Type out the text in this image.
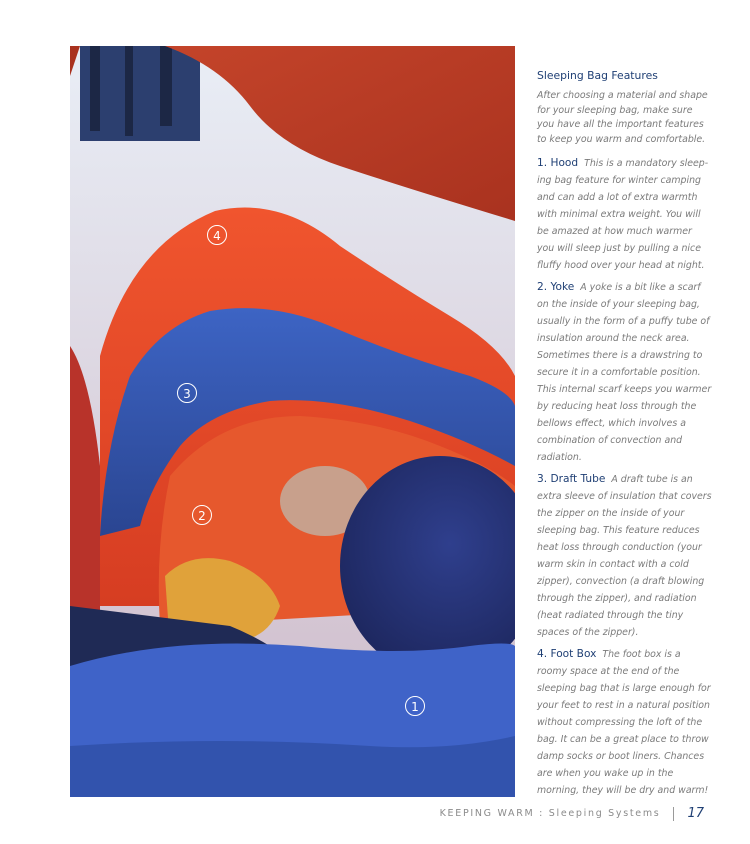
4
3
2
1
Sleeping Bag Features
After choosing a material and shape for your sleeping bag, make sure you have all the important features to keep you warm and comfortable.
1. Hood This is a mandatory sleep-ing bag feature for winter camping and can add a lot of extra warmth with minimal extra weight. You will be amazed at how much warmer you will sleep just by pulling a nice fluffy hood over your head at night.
2. Yoke A yoke is a bit like a scarf on the inside of your sleeping bag, usually in the form of a puffy tube of insulation around the neck area. Sometimes there is a drawstring to secure it in a comfortable position. This internal scarf keeps you warmer by reducing heat loss through the bellows effect, which involves a combination of convection and radiation.
3. Draft Tube A draft tube is an extra sleeve of insulation that covers the zipper on the inside of your sleeping bag. This feature reduces heat loss through conduction (your warm skin in contact with a cold zipper), convection (a draft blowing through the zipper), and radiation (heat radiated through the tiny spaces of the zipper).
4. Foot Box The foot box is a roomy space at the end of the sleeping bag that is large enough for your feet to rest in a natural position without compressing the loft of the bag. It can be a great place to throw damp socks or boot liners. Chances are when you wake up in the morning, they will be dry and warm!
KEEPING WARM : Sleeping Systems 17
